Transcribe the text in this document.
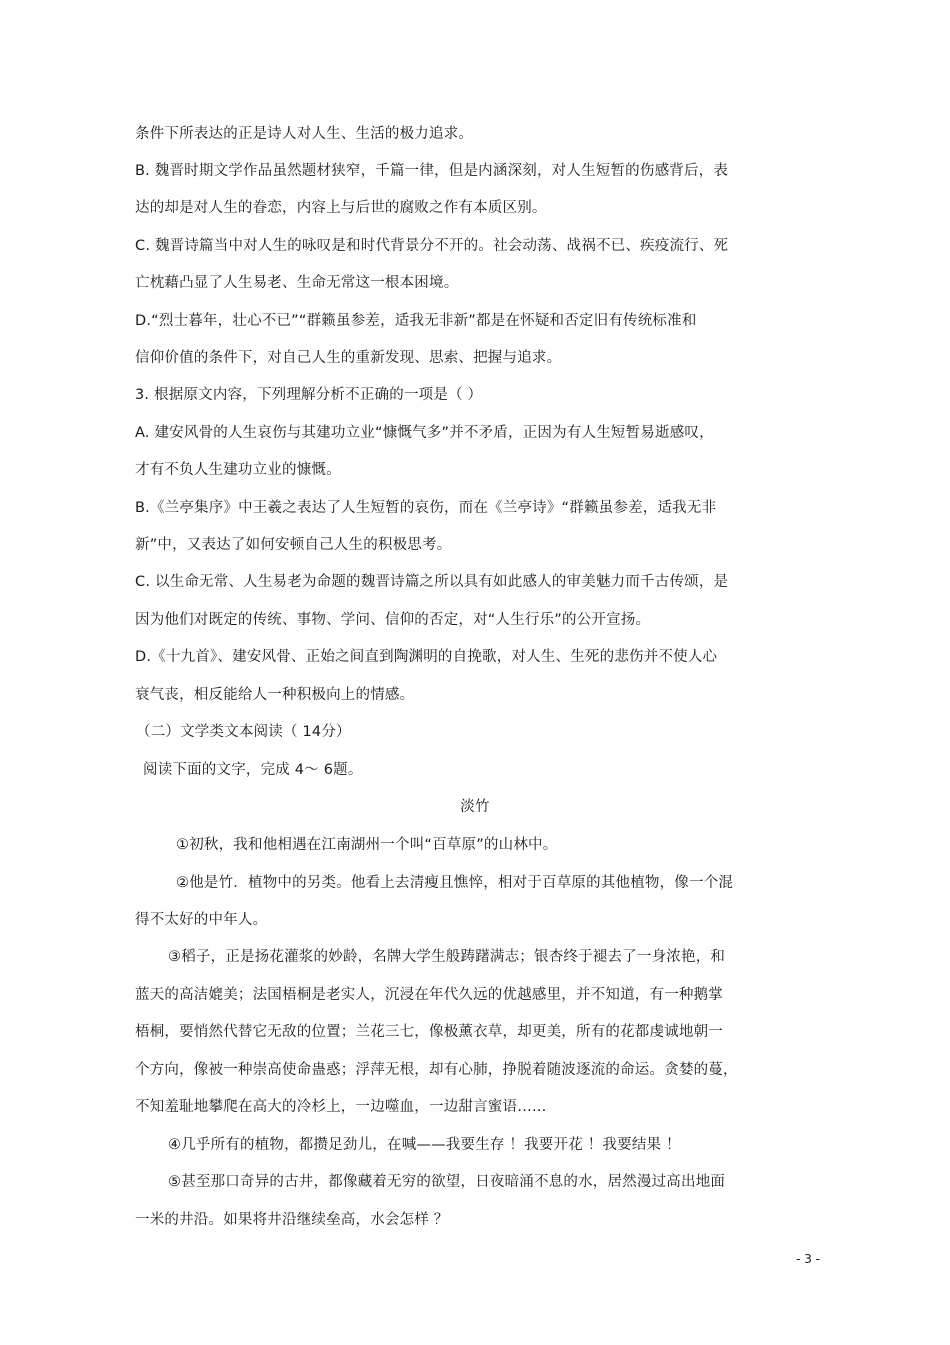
条件下所表达的正是诗人对人生、生活的极力追求。
B. 魏晋时期文学作品虽然题材狭窄，千篇一律，但是内涵深刻，对人生短暂的伤感背后，表
达的却是对人生的眷恋，内容上与后世的腐败之作有本质区别。
C. 魏晋诗篇当中对人生的咏叹是和时代背景分不开的。社会动荡、战祸不已、疾疫流行、死
亡枕藉凸显了人生易老、生命无常这一根本困境。
D.“烈士暮年，壮心不已”“群籁虽参差，适我无非新”都是在怀疑和否定旧有传统标准和
信仰价值的条件下，对自己人生的重新发现、思索、把握与追求。
3. 根据原文内容，下列理解分析不正确的一项是（ ）
A. 建安风骨的人生哀伤与其建功立业“慷慨气多”并不矛盾，正因为有人生短暂易逝感叹，
才有不负人生建功立业的慷慨。
B.《兰亭集序》中王羲之表达了人生短暂的哀伤，而在《兰亭诗》“群籁虽参差，适我无非
新”中，又表达了如何安顿自己人生的积极思考。
C. 以生命无常、人生易老为命题的魏晋诗篇之所以具有如此感人的审美魅力而千古传颂，是
因为他们对既定的传统、事物、学问、信仰的否定，对“人生行乐”的公开宣扬。
D.《十九首》、建安风骨、正始之间直到陶渊明的自挽歌，对人生、生死的悲伤并不使人心
衰气丧，相反能给人一种积极向上的情感。
（二）文学类文本阅读（ 14分）
阅读下面的文字，完成 4～ 6题。
淡竹
①初秋，我和他相遇在江南湖州一个叫“百草原”的山林中。
②他是竹．植物中的另类。他看上去清瘦且憔悴，相对于百草原的其他植物，像一个混
得不太好的中年人。
③稻子，正是扬花灌浆的妙龄，名牌大学生般踌躇满志；银杏终于褪去了一身浓艳，和
蓝天的高洁媲美；法国梧桐是老实人，沉浸在年代久远的优越感里，并不知道，有一种鹅掌
梧桐，要悄然代替它无敌的位置；兰花三七，像极薰衣草，却更美，所有的花都虔诚地朝一
个方向，像被一种崇高使命蛊惑；浮萍无根，却有心肺，挣脱着随波逐流的命运。贪婪的蔓，
不知羞耻地攀爬在高大的冷杉上，一边噬血，一边甜言蜜语……
④几乎所有的植物，都攒足劲儿，在喊——我要生存 ！我要开花 ！我要结果 ！
⑤甚至那口奇异的古井，都像藏着无穷的欲望，日夜暗涌不息的水，居然漫过高出地面
一米的井沿。如果将井沿继续垒高，水会怎样 ？
- 3 -
